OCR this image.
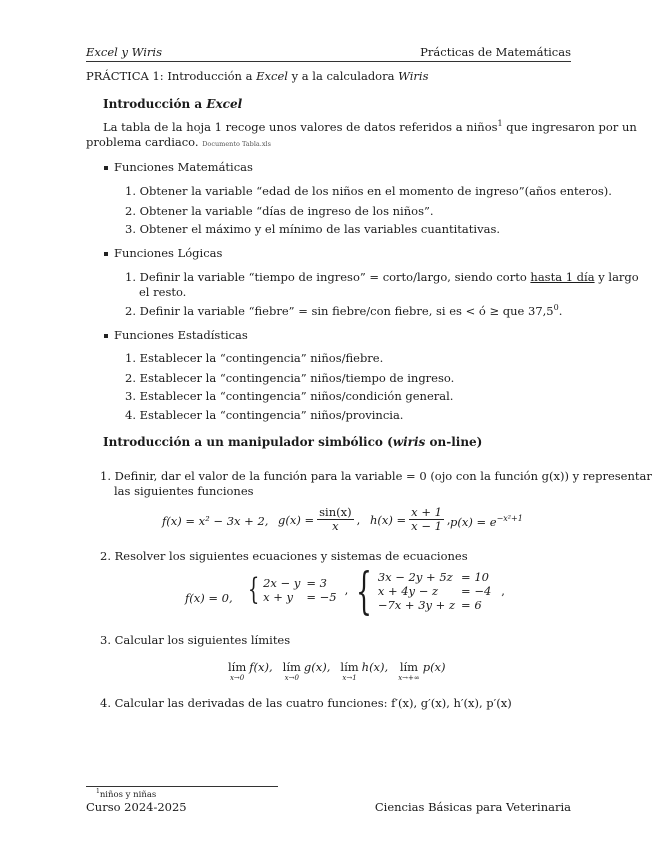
Excel y Wiris	Prácticas de Matemáticas
PRÁCTICA 1: Introducción a Excel y a la calculadora Wiris
Introducción a Excel
La tabla de la hoja 1 recoge unos valores de datos referidos a niños$^1$ que ingresaron por un
problema cardiaco. Documento Tabla.xls
Funciones Matemáticas
1. Obtener la variable “edad de los niños en el momento de ingreso”(años enteros).
2. Obtener la variable “días de ingreso de los niños”.
3. Obtener el máximo y el mínimo de las variables cuantitativas.
Funciones Lógicas
1. Definir la variable “tiempo de ingreso” = corto/largo, siendo corto hasta 1 día y largo
el resto.
2. Definir la variable “fiebre” = sin fiebre/con fiebre, si es < ó ≥ que 37,5$^0$.
Funciones Estadísticas
1. Establecer la “contingencia” niños/fiebre.
2. Establecer la “contingencia” niños/tiempo de ingreso.
3. Establecer la “contingencia” niños/condición general.
4. Establecer la “contingencia” niños/provincia.
Introducción a un manipulador simbólico (wiris on-line)
1. Definir, dar el valor de la función para la variable = 0 (ojo con la función g(x)) y representar
las siguientes funciones
f(x) = x² − 3x + 2, $g(x) = \frac{\sin(x)}{x}$ , $h(x) = \frac{x + 1}{x - 1}$ , $p(x) = e^{-x^2+1}$
2. Resolver los siguientes ecuaciones y sistemas de ecuaciones
f(x) = 0, { 2x − y	= 3
x + y	= −5 , { 3x − 2y + 5z	= 10
x + 4y − z	= −4
−7x + 3y + z	= 6
,
3. Calcular los siguientes límites
lím
x→0
f(x), lím
x→0
g(x), lím
x→1
h(x), lím
x→+∞
p(x)
4. Calcular las derivadas de las cuatro funciones: f′(x), g′(x), h′(x), p′(x)
$^1$niños y niñas
Curso 2024-2025	Ciencias Básicas para Veterinaria
